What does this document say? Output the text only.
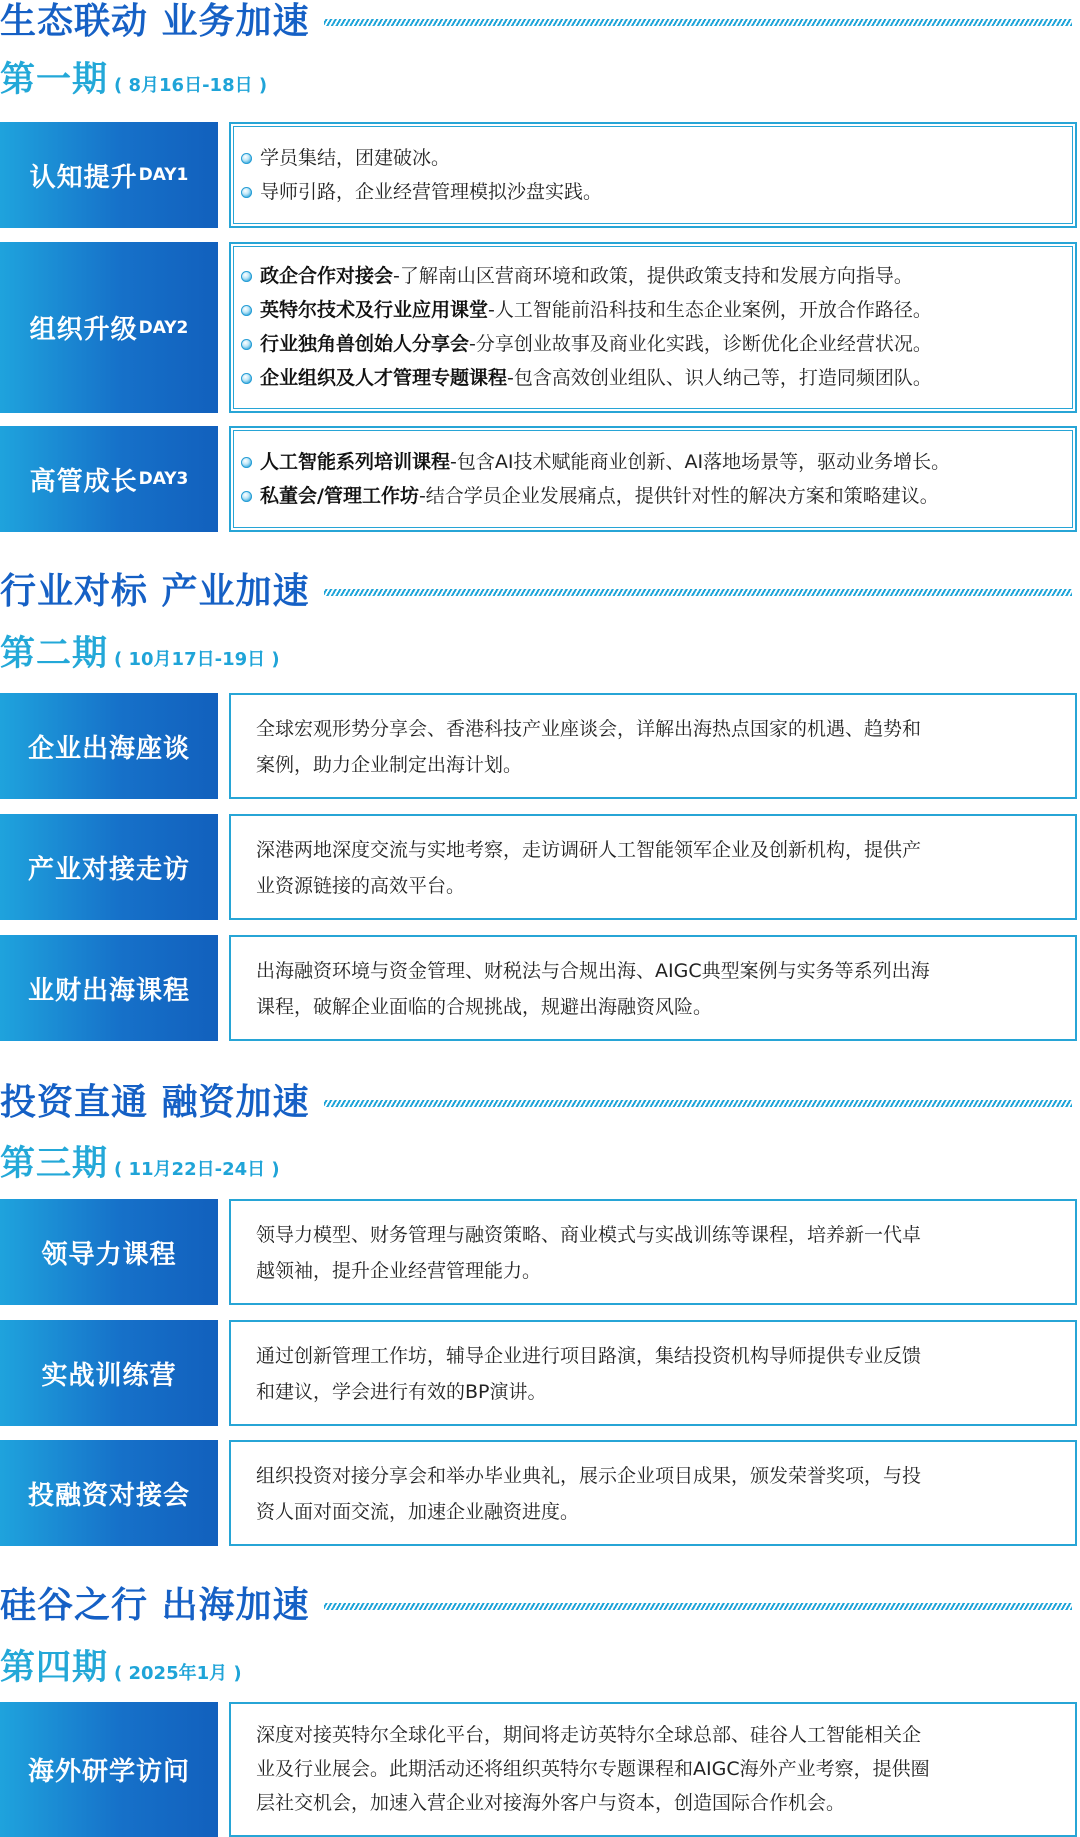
生态联动 业务加速
第一期 ( 8月16日-18日 )
认知提升 DAY1
学员集结，团建破冰。
导师引路，企业经营管理模拟沙盘实践。
组织升级 DAY2
政企合作对接会 -了解南山区营商环境和政策，提供政策支持和发展方向指导。
英特尔技术及行业应用课堂 -人工智能前沿科技和生态企业案例，开放合作路径。
行业独角兽创始人分享会 -分享创业故事及商业化实践，诊断优化企业经营状况。
企业组织及人才管理专题课程 -包含高效创业组队、识人纳己等，打造同频团队。
高管成长 DAY3
人工智能系列培训课程 -包含AI技术赋能商业创新、AI落地场景等，驱动业务增长。
私董会/管理工作坊 -结合学员企业发展痛点，提供针对性的解决方案和策略建议。
行业对标 产业加速
第二期 ( 10月17日-19日 )
企业出海座谈
全球宏观形势分享会、香港科技产业座谈会，详解出海热点国家的机遇、趋势和
案例，助力企业制定出海计划。
产业对接走访
深港两地深度交流与实地考察，走访调研人工智能领军企业及创新机构，提供产
业资源链接的高效平台。
业财出海课程
出海融资环境与资金管理、财税法与合规出海、AIGC典型案例与实务等系列出海
课程，破解企业面临的合规挑战，规避出海融资风险。
投资直通 融资加速
第三期 ( 11月22日-24日 )
领导力课程
领导力模型、财务管理与融资策略、商业模式与实战训练等课程，培养新一代卓
越领袖，提升企业经营管理能力。
实战训练营
通过创新管理工作坊，辅导企业进行项目路演，集结投资机构导师提供专业反馈
和建议，学会进行有效的BP演讲。
投融资对接会
组织投资对接分享会和举办毕业典礼，展示企业项目成果，颁发荣誉奖项，与投
资人面对面交流，加速企业融资进度。
硅谷之行 出海加速
第四期 ( 2025年1月 )
海外研学访问
深度对接英特尔全球化平台，期间将走访英特尔全球总部、硅谷人工智能相关企
业及行业展会。此期活动还将组织英特尔专题课程和AIGC海外产业考察，提供圈
层社交机会，加速入营企业对接海外客户与资本，创造国际合作机会。
